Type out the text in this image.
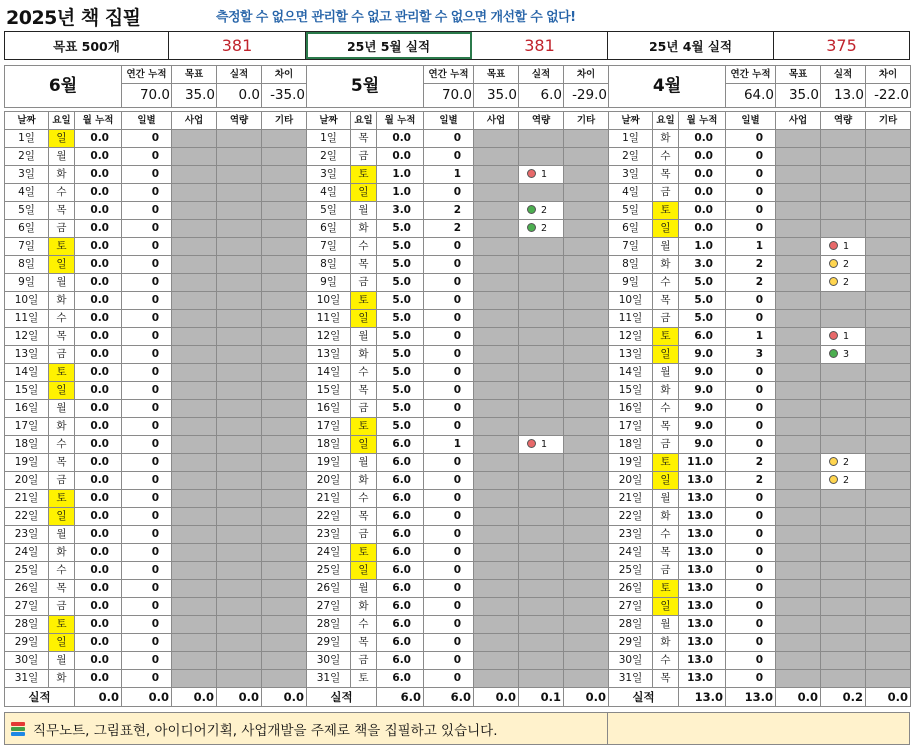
2025년 책 집필	측정할 수 없으면 관리할 수 없고 관리할 수 없으면 개선할 수 없다!
목표 500개	381	25년 5월 실적	381	25년 4월 실적	375
6월	연간 누적	목표	실적	차이
	70.0	35.0	0.0	-35.0
날짜	요일	월 누적	일별	사업	역량	기타
1일	일	0.0	0			
2일	월	0.0	0			
3일	화	0.0	0			
4일	수	0.0	0			
5일	목	0.0	0			
6일	금	0.0	0			
7일	토	0.0	0			
8일	일	0.0	0			
9일	월	0.0	0			
10일	화	0.0	0			
11일	수	0.0	0			
12일	목	0.0	0			
13일	금	0.0	0			
14일	토	0.0	0			
15일	일	0.0	0			
16일	월	0.0	0			
17일	화	0.0	0			
18일	수	0.0	0			
19일	목	0.0	0			
20일	금	0.0	0			
21일	토	0.0	0			
22일	일	0.0	0			
23일	월	0.0	0			
24일	화	0.0	0			
25일	수	0.0	0			
26일	목	0.0	0			
27일	금	0.0	0			
28일	토	0.0	0			
29일	일	0.0	0			
30일	월	0.0	0			
31일	화	0.0	0			
실적		0.0	0.0	0.0	0.0	0.0
5월	연간 누적	목표	실적	차이
	70.0	35.0	6.0	-29.0
날짜	요일	월 누적	일별	사업	역량	기타
1일	목	0.0	0			
2일	금	0.0	0			
3일	토	1.0	1		1	
4일	일	1.0	0			
5일	월	3.0	2		2	
6일	화	5.0	2		2	
7일	수	5.0	0			
8일	목	5.0	0			
9일	금	5.0	0			
10일	토	5.0	0			
11일	일	5.0	0			
12일	월	5.0	0			
13일	화	5.0	0			
14일	수	5.0	0			
15일	목	5.0	0			
16일	금	5.0	0			
17일	토	5.0	0			
18일	일	6.0	1		1	
19일	월	6.0	0			
20일	화	6.0	0			
21일	수	6.0	0			
22일	목	6.0	0			
23일	금	6.0	0			
24일	토	6.0	0			
25일	일	6.0	0			
26일	월	6.0	0			
27일	화	6.0	0			
28일	수	6.0	0			
29일	목	6.0	0			
30일	금	6.0	0			
31일	토	6.0	0			
실적		6.0	6.0	0.0	0.1	0.0
4월	연간 누적	목표	실적	차이
	64.0	35.0	13.0	-22.0
날짜	요일	월 누적	일별	사업	역량	기타
1일	화	0.0	0			
2일	수	0.0	0			
3일	목	0.0	0			
4일	금	0.0	0			
5일	토	0.0	0			
6일	일	0.0	0			
7일	월	1.0	1		1	
8일	화	3.0	2		2	
9일	수	5.0	2		2	
10일	목	5.0	0			
11일	금	5.0	0			
12일	토	6.0	1		1	
13일	일	9.0	3		3	
14일	월	9.0	0			
15일	화	9.0	0			
16일	수	9.0	0			
17일	목	9.0	0			
18일	금	9.0	0			
19일	토	11.0	2		2	
20일	일	13.0	2		2	
21일	월	13.0	0			
22일	화	13.0	0			
23일	수	13.0	0			
24일	목	13.0	0			
25일	금	13.0	0			
26일	토	13.0	0			
27일	일	13.0	0			
28일	월	13.0	0			
29일	화	13.0	0			
30일	수	13.0	0			
31일	목	13.0	0			
실적		13.0	13.0	0.0	0.2	0.0
직무노트, 그림표현, 아이디어기획, 사업개발을 주제로 책을 집필하고 있습니다.
